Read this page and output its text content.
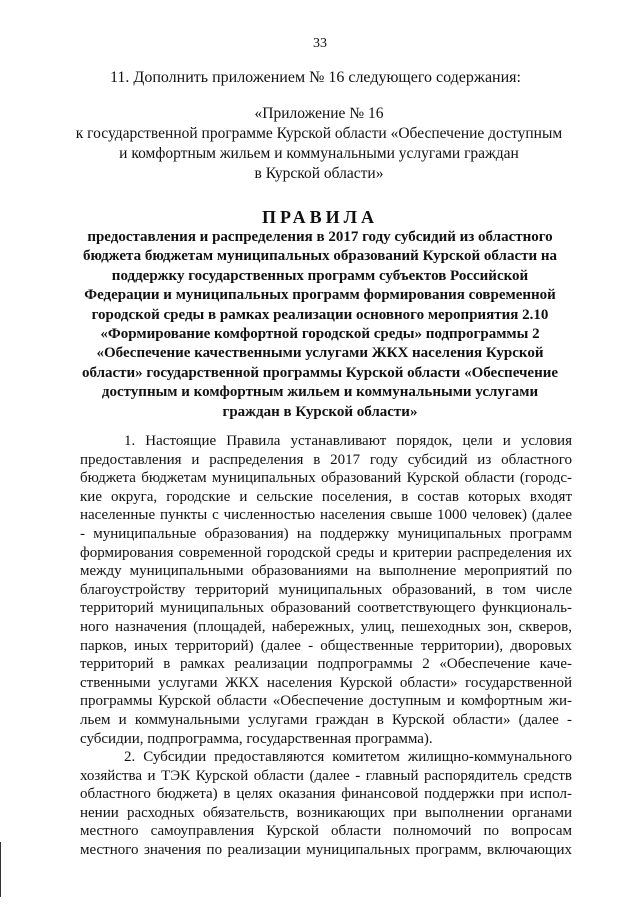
33
11. Дополнить приложением № 16 следующего содержания:
«Приложение № 16
к государственной программе Курской области «Обеспечение доступным
и комфортным жильем и коммунальными услугами граждан
в Курской области»
ПРАВИЛА
предоставления и распределения в 2017 году субсидий из областного
бюджета бюджетам муниципальных образований Курской области на
поддержку государственных программ субъектов Российской
Федерации и муниципальных программ формирования современной
городской среды в рамках реализации основного мероприятия 2.10
«Формирование комфортной городской среды» подпрограммы 2
«Обеспечение качественными услугами ЖКХ населения Курской
области» государственной программы Курской области «Обеспечение
доступным и комфортным жильем и коммунальными услугами
граждан в Курской области»
1. Настоящие Правила устанавливают порядок, цели и условия
предоставления и распределения в 2017 году субсидий из областного
бюджета бюджетам муниципальных образований Курской области (городс-
кие округа, городские и сельские поселения, в состав которых входят
населенные пункты с численностью населения свыше 1000 человек) (далее
- муниципальные образования) на поддержку муниципальных программ
формирования современной городской среды и критерии распределения их
между муниципальными образованиями на выполнение мероприятий по
благоустройству территорий муниципальных образований, в том числе
территорий муниципальных образований соответствующего функциональ-
ного назначения (площадей, набережных, улиц, пешеходных зон, скверов,
парков, иных территорий) (далее - общественные территории), дворовых
территорий в рамках реализации подпрограммы 2 «Обеспечение каче-
ственными услугами ЖКХ населения Курской области» государственной
программы Курской области «Обеспечение доступным и комфортным жи-
льем и коммунальными услугами граждан в Курской области» (далее -
субсидии, подпрограмма, государственная программа).
2. Субсидии предоставляются комитетом жилищно-коммунального
хозяйства и ТЭК Курской области (далее - главный распорядитель средств
областного бюджета) в целях оказания финансовой поддержки при испол-
нении расходных обязательств, возникающих при выполнении органами
местного самоуправления Курской области полномочий по вопросам
местного значения по реализации муниципальных программ, включающих
